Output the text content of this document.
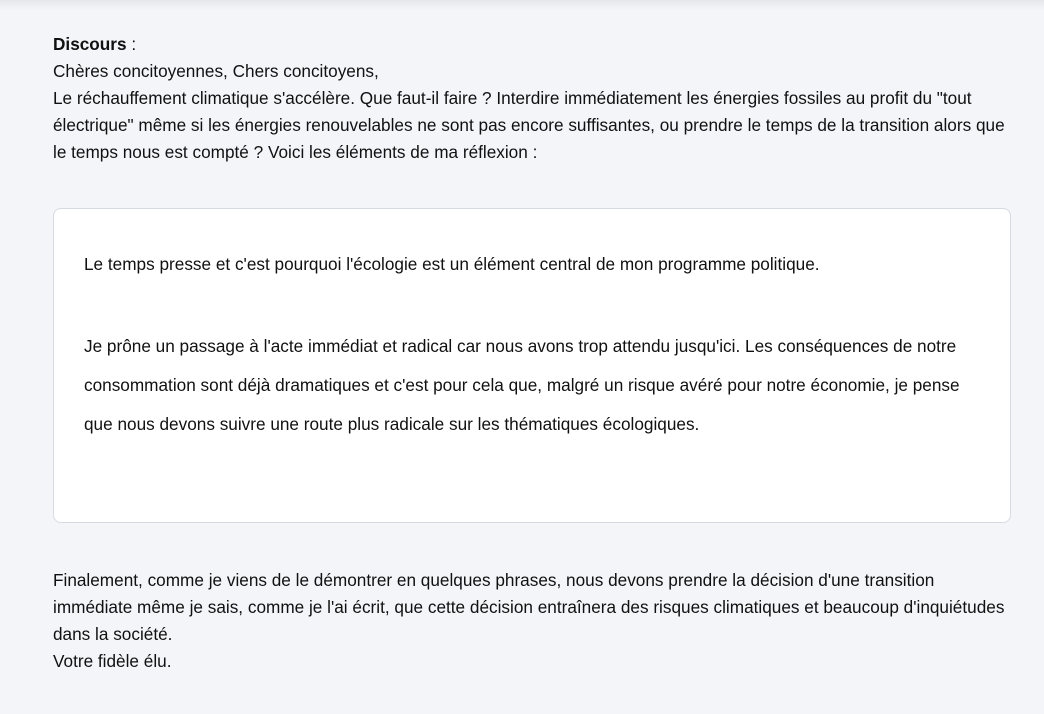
Discours :

Chères concitoyennes, Chers concitoyens,

Le réchauffement climatique s'accélère. Que faut-il faire ? Interdire immédiatement les énergies fossiles au profit du "tout électrique" même si les énergies renouvelables ne sont pas encore suffisantes, ou prendre le temps de la transition alors que le temps nous est compté ? Voici les éléments de ma réflexion :

Le temps presse et c'est pourquoi l'écologie est un élément central de mon programme politique.

Je prône un passage à l'acte immédiat et radical car nous avons trop attendu jusqu'ici. Les conséquences de notre consommation sont déjà dramatiques et c'est pour cela que, malgré un risque avéré pour notre économie, je pense que nous devons suivre une route plus radicale sur les thématiques écologiques.

Finalement, comme je viens de le démontrer en quelques phrases, nous devons prendre la décision d'une transition immédiate même je sais, comme je l'ai écrit, que cette décision entraînera des risques climatiques et beaucoup d'inquiétudes dans la société.

Votre fidèle élu.
